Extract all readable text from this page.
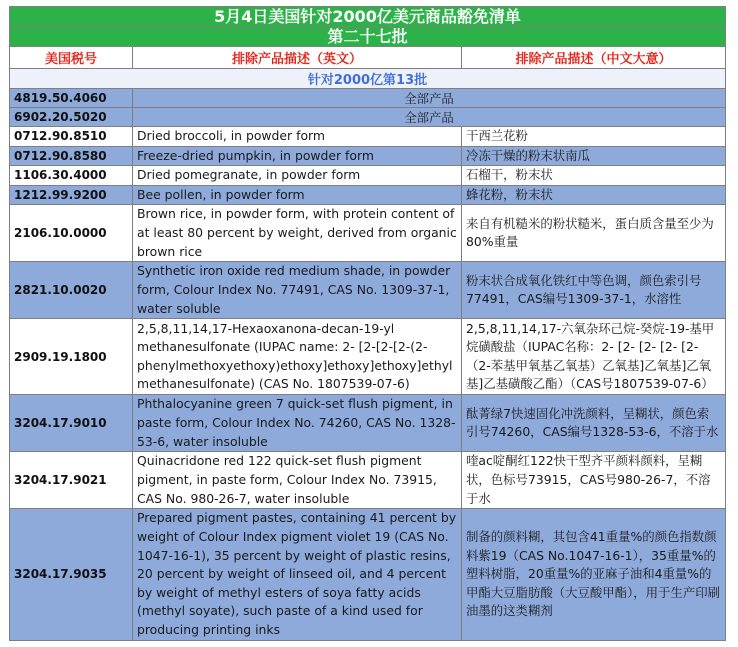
5月4日美国针对2000亿美元商品豁免清单		
第二十七批		
美国税号	排除产品描述（英文）	排除产品描述（中文大意）
针对2000亿第13批		
4819.50.4060	全部产品	
6902.20.5020	全部产品	
0712.90.8510	Dried broccoli, in powder form	干西兰花粉
0712.90.8580	Freeze-dried pumpkin, in powder form	冷冻干燥的粉末状南瓜
1106.30.4000	Dried pomegranate, in powder form	石榴干，粉末状
1212.99.9200	Bee pollen, in powder form	蜂花粉，粉末状
2106.10.0000	Brown rice, in powder form, with protein content of at least 80 percent by weight, derived from organic brown rice	来自有机糙米的粉状糙米，蛋白质含量至少为80%重量
2821.10.0020	Synthetic iron oxide red medium shade, in powder form, Colour Index No. 77491, CAS No. 1309-37-1, water soluble	粉末状合成氧化铁红中等色调，颜色索引号77491，CAS编号1309-37-1，水溶性
2909.19.1800	2,5,8,11,14,17-Hexaoxanona-decan-19-yl methanesulfonate (IUPAC name: 2- [2-[2-[2-(2-phenylmethoxyethoxy)ethoxy]ethoxy]ethoxy]ethyl methanesulfonate) (CAS No. 1807539-07-6)	2,5,8,11,14,17-六氧杂环己烷-癸烷-19-基甲烷磺酸盐（IUPAC名称：2- [2- [2- [2- [2-（2-苯基甲氧基乙氧基）乙氧基]乙氧基]乙氧基]乙基磺酸乙酯）（CAS号1807539-07-6）
3204.17.9010	Phthalocyanine green 7 quick-set flush pigment, in paste form, Colour Index No. 74260, CAS No. 1328-53-6, water insoluble	酞菁绿7快速固化冲洗颜料，呈糊状，颜色索引号74260，CAS编号1328-53-6，不溶于水
3204.17.9021	Quinacridone red 122 quick-set flush pigment pigment, in paste form, Colour Index No. 73915, CAS No. 980-26-7, water insoluble	喹ac啶酮红122快干型齐平颜料颜料，呈糊状，色标号73915，CAS号980-26-7，不溶于水
3204.17.9035	Prepared pigment pastes, containing 41 percent by weight of Colour Index pigment violet 19 (CAS No. 1047-16-1), 35 percent by weight of plastic resins, 20 percent by weight of linseed oil, and 4 percent by weight of methyl esters of soya fatty acids (methyl soyate), such paste of a kind used for producing printing inks	制备的颜料糊，其包含41重量%的颜色指数颜料紫19（CAS No.1047-16-1），35重量%的塑料树脂，20重量%的亚麻子油和4重量%的甲酯大豆脂肪酸（大豆酸甲酯），用于生产印刷油墨的这类糊剂
